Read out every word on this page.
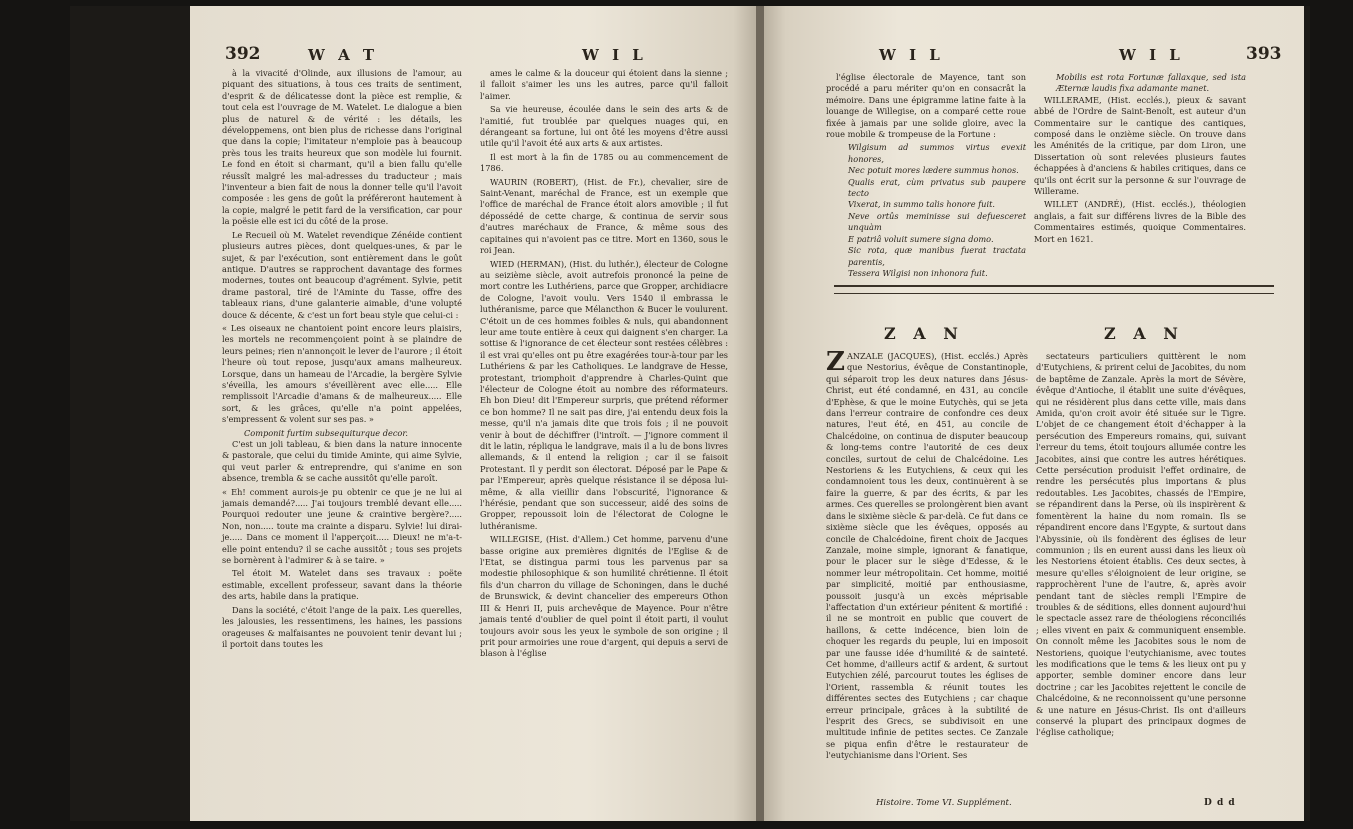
392	W A T	W I L

à la vivacité d'Olinde, aux illusions de l'amour, au piquant des situations, à tous ces traits de sentiment, d'esprit & de délicatesse dont la pièce est remplie, & tout cela est l'ouvrage de M. Watelet. Le dialogue a bien plus de naturel & de vérité : les détails, les développemens, ont bien plus de richesse dans l'original que dans la copie; l'imitateur n'emploie pas à beaucoup près tous les traits heureux que son modèle lui fournit. Le fond en étoit si charmant, qu'il a bien fallu qu'elle réussît malgré les mal-adresses du traducteur ; mais l'inventeur a bien fait de nous la donner telle qu'il l'avoit composée : les gens de goût la préféreront hautement à la copie, malgré le petit fard de la versification, car pour la poësie elle est ici du côté de la prose.

Le Recueil où M. Watelet revendique Zénéide contient plusieurs autres pièces, dont quelques-unes, & par le sujet, & par l'exécution, sont entièrement dans le goût antique. D'autres se rapprochent davantage des formes modernes, toutes ont beaucoup d'agrément. Sylvie, petit drame pastoral, tiré de l'Aminte du Tasse, offre des tableaux rians, d'une galanterie aimable, d'une volupté douce & décente, & c'est un fort beau style que celui-ci :

« Les oiseaux ne chantoient point encore leurs plaisirs, les mortels ne recommençoient point à se plaindre de leurs peines; rien n'annonçoit le lever de l'aurore ; il étoit l'heure où tout repose, jusqu'aux amans malheureux. Lorsque, dans un hameau de l'Arcadie, la bergère Sylvie s'éveilla, les amours s'éveillèrent avec elle..... Elle remplissoit l'Arcadie d'amans & de malheureux..... Elle sort, & les grâces, qu'elle n'a point appelées, s'empressent & volent sur ses pas. »

Componit furtim subsequiturque decor.

C'est un joli tableau, & bien dans la nature innocente & pastorale, que celui du timide Aminte, qui aime Sylvie, qui veut parler & entreprendre, qui s'anime en son absence, trembla & se cache aussitôt qu'elle paroît.

« Eh! comment aurois-je pu obtenir ce que je ne lui ai jamais demandé?..... J'ai toujours tremblé devant elle..... Pourquoi redouter une jeune & craintive bergère?..... Non, non..... toute ma crainte a disparu. Sylvie! lui dirai-je..... Dans ce moment il l'apperçoit..... Dieux! ne m'a-t-elle point entendu? il se cache aussitôt ; tous ses projets se bornèrent à l'admirer & à se taire. »

Tel étoit M. Watelet dans ses travaux : poëte estimable, excellent professeur, savant dans la théorie des arts, habile dans la pratique.

Dans la société, c'étoit l'ange de la paix. Les querelles, les jalousies, les ressentimens, les haines, les passions orageuses & malfaisantes ne pouvoient tenir devant lui ; il portoit dans toutes les

ames le calme & la douceur qui étoient dans la sienne ; il falloit s'aimer les uns les autres, parce qu'il falloit l'aimer.

Sa vie heureuse, écoulée dans le sein des arts & de l'amitié, fut troublée par quelques nuages qui, en dérangeant sa fortune, lui ont ôté les moyens d'être aussi utile qu'il l'avoit été aux arts & aux artistes.

Il est mort à la fin de 1785 ou au commencement de 1786.

WAURIN (ROBERT), (Hist. de Fr.), chevalier, sire de Saint-Venant, maréchal de France, est un exemple que l'office de maréchal de France étoit alors amovible ; il fut dépossédé de cette charge, & continua de servir sous d'autres maréchaux de France, & même sous des capitaines qui n'avoient pas ce titre. Mort en 1360, sous le roi Jean.

WIED (HERMAN), (Hist. du luthér.), électeur de Cologne au seizième siècle, avoit autrefois prononcé la peine de mort contre les Luthériens, parce que Gropper, archidiacre de Cologne, l'avoit voulu. Vers 1540 il embrassa le luthéranisme, parce que Mélancthon & Bucer le voulurent. C'étoit un de ces hommes foibles & nuls, qui abandonnent leur ame toute entière à ceux qui daignent s'en charger. La sottise & l'ignorance de cet électeur sont restées célèbres : il est vrai qu'elles ont pu être exagérées tour-à-tour par les Luthériens & par les Catholiques. Le landgrave de Hesse, protestant, triomphoit d'apprendre à Charles-Quint que l'électeur de Cologne étoit au nombre des réformateurs. Eh bon Dieu! dit l'Empereur surpris, que prétend réformer ce bon homme? Il ne sait pas dire, j'ai entendu deux fois la messe, qu'il n'a jamais dite que trois fois ; il ne pouvoit venir à bout de déchiffrer (l'introït. — J'ignore comment il dit le latin, répliqua le landgrave, mais il a lu de bons livres allemands, & il entend la religion ; car il se faisoit Protestant. Il y perdit son électorat. Déposé par le Pape & par l'Empereur, après quelque résistance il se déposa lui-même, & alla vieillir dans l'obscurité, l'ignorance & l'hérésie, pendant que son successeur, aidé des soins de Gropper, repoussoit loin de l'électorat de Cologne le luthéranisme.

WILLEGISE, (Hist. d'Allem.) Cet homme, parvenu d'une basse origine aux premières dignités de l'Eglise & de l'Etat, se distingua parmi tous les parvenus par sa modestie philosophique & son humilité chrétienne. Il étoit fils d'un charron du village de Schoningen, dans le duché de Brunswick, & devint chancelier des empereurs Othon III & Henri II, puis archevêque de Mayence. Pour n'être jamais tenté d'oublier de quel point il étoit parti, il voulut toujours avoir sous les yeux le symbole de son origine ; il prit pour armoiries une roue d'argent, qui depuis a servi de blason à l'église

W I L	W I L	393

l'église électorale de Mayence, tant son procédé a paru mériter qu'on en consacrât la mémoire. Dans une épigramme latine faite à la louange de Willegise, on a comparé cette roue fixée à jamais par une solide gloire, avec la roue mobile & trompeuse de la Fortune :

Wilgisum ad summos virtus evexit honores,

Nec potuit mores lædere summus honos.

Qualis erat, cùm privatus sub paupere tecto

Vixerat, in summo talis honore fuit.

Neve ortûs meminisse sui defuesceret unquàm

E patriâ voluit sumere signa domo.

Sic rota, quæ manibus fuerat tractata parentis,

Tessera Wilgisi non inhonora fuit.

Mobilis est rota Fortunæ fallaxque, sed ista Æternæ laudis fixa adamante manet.

WILLERAME, (Hist. ecclés.), pieux & savant abbé de l'Ordre de Saint-Benoît, est auteur d'un Commentaire sur le cantique des cantiques, composé dans le onzième siècle. On trouve dans les Aménités de la critique, par dom Liron, une Dissertation où sont relevées plusieurs fautes échappées à d'anciens & habiles critiques, dans ce qu'ils ont écrit sur la personne & sur l'ouvrage de Willerame.

WILLET (ANDRÉ), (Hist. ecclés.), théologien anglais, a fait sur différens livres de la Bible des Commentaires estimés, quoique Commentaires. Mort en 1621.

Z A N	Z A N

ZANZALE (JACQUES), (Hist. ecclés.) Après que Nestorius, évêque de Constantinople, qui séparoit trop les deux natures dans Jésus-Christ, eut été condamné, en 431, au concile d'Ephèse, & que le moine Eutychès, qui se jeta dans l'erreur contraire de confondre ces deux natures, l'eut été, en 451, au concile de Chalcédoine, on continua de disputer beaucoup & long-tems contre l'autorité de ces deux conciles, surtout de celui de Chalcédoine. Les Nestoriens & les Eutychiens, & ceux qui les condamnoient tous les deux, continuèrent à se faire la guerre, & par des écrits, & par les armes. Ces querelles se prolongèrent bien avant dans le sixième siècle & par-delà. Ce fut dans ce sixième siècle que les évêques, opposés au concile de Chalcédoine, firent choix de Jacques Zanzale, moine simple, ignorant & fanatique, pour le placer sur le siège d'Edesse, & le nommer leur métropolitain. Cet homme, moitié par simplicité, moitié par enthousiasme, poussoit jusqu'à un excès méprisable l'affectation d'un extérieur pénitent & mortifié : il ne se montroit en public que couvert de haillons, & cette indécence, bien loin de choquer les regards du peuple, lui en imposoit par une fausse idée d'humilité & de sainteté. Cet homme, d'ailleurs actif & ardent, & surtout Eutychien zélé, parcourut toutes les églises de l'Orient, rassembla & réunit toutes les différentes sectes des Eutychiens ; car chaque erreur principale, grâces à la subtilité de l'esprit des Grecs, se subdivisoit en une multitude infinie de petites sectes. Ce Zanzale se piqua enfin d'être le restaurateur de l'eutychianisme dans l'Orient. Ses

sectateurs particuliers quittèrent le nom d'Eutychiens, & prirent celui de Jacobites, du nom de baptême de Zanzale. Après la mort de Sévère, évêque d'Antioche, il établit une suite d'évêques, qui ne résidèrent plus dans cette ville, mais dans Amida, qu'on croit avoir été située sur le Tigre. L'objet de ce changement étoit d'échapper à la persécution des Empereurs romains, qui, suivant l'erreur du tems, étoit toujours allumée contre les Jacobites, ainsi que contre les autres hérétiques. Cette persécution produisit l'effet ordinaire, de rendre les persécutés plus importans & plus redoutables. Les Jacobites, chassés de l'Empire, se répandirent dans la Perse, où ils inspirèrent & fomentèrent la haine du nom romain. Ils se répandirent encore dans l'Egypte, & surtout dans l'Abyssinie, où ils fondèrent des églises de leur communion ; ils en eurent aussi dans les lieux où les Nestoriens étoient établis. Ces deux sectes, à mesure qu'elles s'éloignoient de leur origine, se rapprochèrent l'une de l'autre, &, après avoir pendant tant de siècles rempli l'Empire de troubles & de séditions, elles donnent aujourd'hui le spectacle assez rare de théologiens réconciliés ; elles vivent en paix & communiquent ensemble. On connoît même les Jacobites sous le nom de Nestoriens, quoique l'eutychianisme, avec toutes les modifications que le tems & les lieux ont pu y apporter, semble dominer encore dans leur doctrine ; car les Jacobites rejettent le concile de Chalcédoine, & ne reconnoissent qu'une personne & une nature en Jésus-Christ. Ils ont d'ailleurs conservé la plupart des principaux dogmes de l'église catholique;

Histoire. Tome VI. Supplément.	D d d
